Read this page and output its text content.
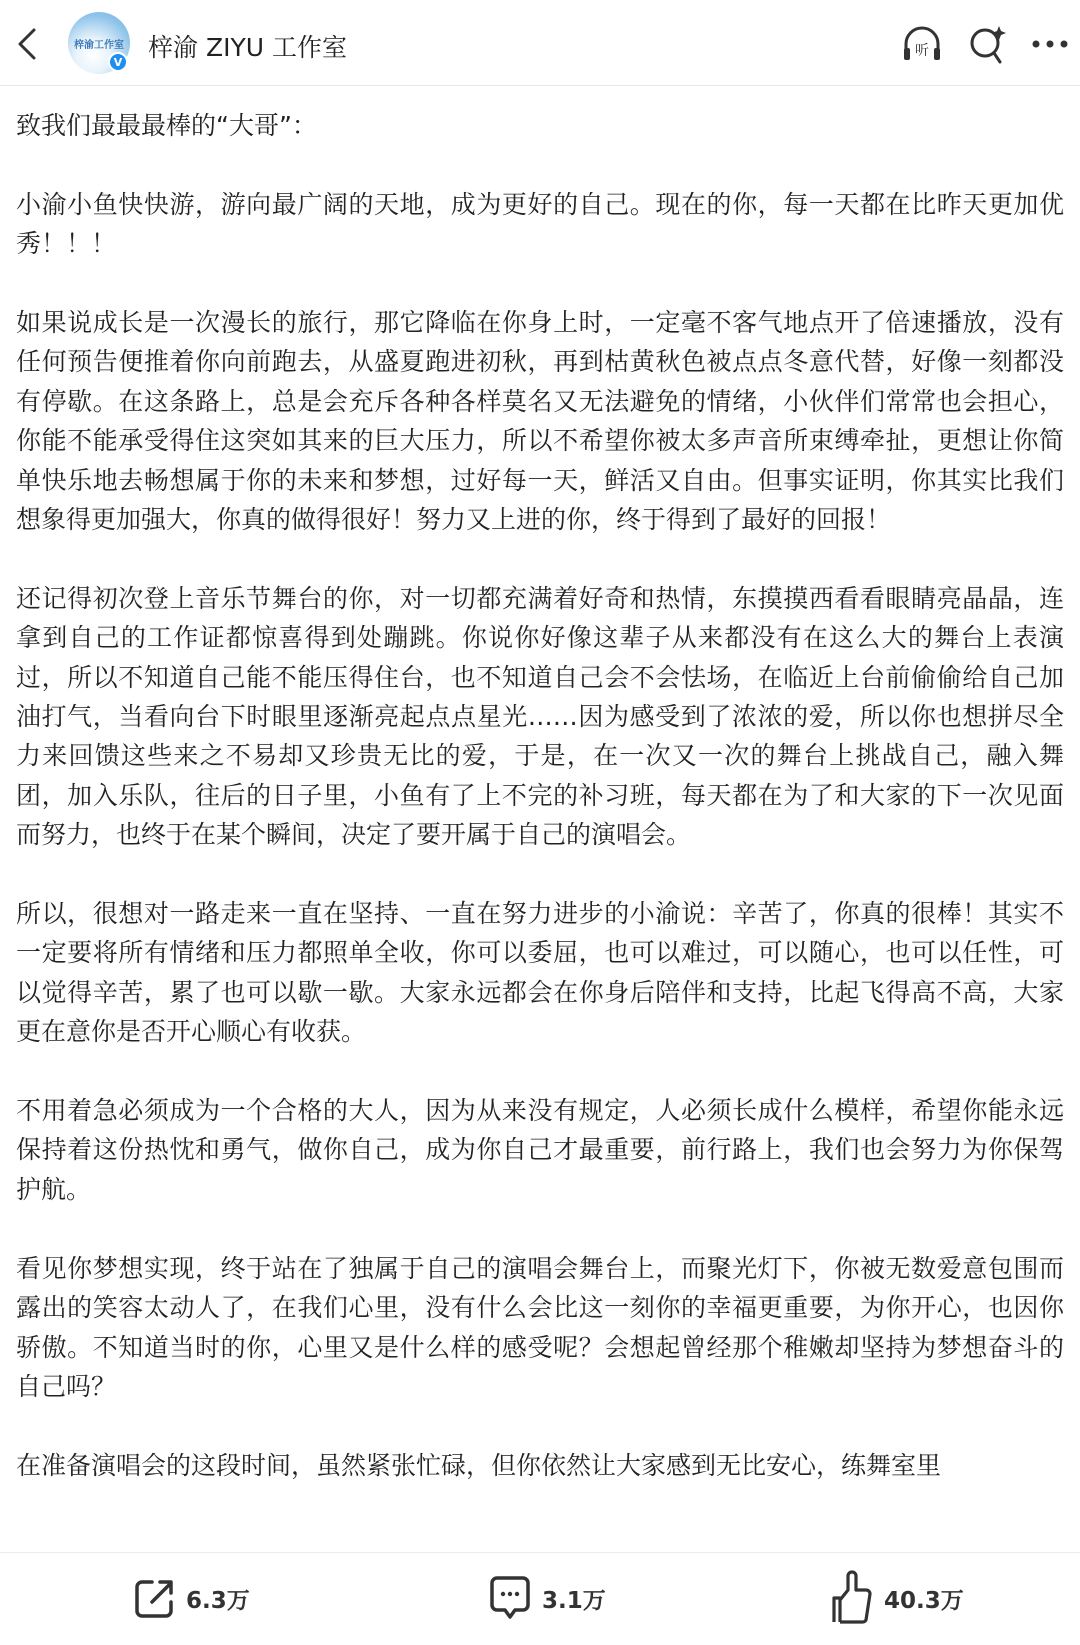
梓渝工作室
V 梓渝 ZIYU 工作室	听

致我们最最最棒的“大哥”：

小渝小鱼快快游，游向最广阔的天地，成为更好的自己。现在的你，每一天都在比昨天更加优秀！！！

如果说成长是一次漫长的旅行，那它降临在你身上时，一定毫不客气地点开了倍速播放，没有任何预告便推着你向前跑去，从盛夏跑进初秋，再到枯黄秋色被点点冬意代替，好像一刻都没有停歇。在这条路上，总是会充斥各种各样莫名又无法避免的情绪，小伙伴们常常也会担心，你能不能承受得住这突如其来的巨大压力，所以不希望你被太多声音所束缚牵扯，更想让你简单快乐地去畅想属于你的未来和梦想，过好每一天，鲜活又自由。但事实证明，你其实比我们想象得更加强大，你真的做得很好！努力又上进的你，终于得到了最好的回报！

还记得初次登上音乐节舞台的你，对一切都充满着好奇和热情，东摸摸西看看眼睛亮晶晶，连拿到自己的工作证都惊喜得到处蹦跳。你说你好像这辈子从来都没有在这么大的舞台上表演过，所以不知道自己能不能压得住台，也不知道自己会不会怯场，在临近上台前偷偷给自己加油打气，当看向台下时眼里逐渐亮起点点星光……因为感受到了浓浓的爱，所以你也想拼尽全力来回馈这些来之不易却又珍贵无比的爱，于是，在一次又一次的舞台上挑战自己，融入舞团，加入乐队，往后的日子里，小鱼有了上不完的补习班，每天都在为了和大家的下一次见面而努力，也终于在某个瞬间，决定了要开属于自己的演唱会。

所以，很想对一路走来一直在坚持、一直在努力进步的小渝说：辛苦了，你真的很棒！其实不一定要将所有情绪和压力都照单全收，你可以委屈，也可以难过，可以随心，也可以任性，可以觉得辛苦，累了也可以歇一歇。大家永远都会在你身后陪伴和支持，比起飞得高不高，大家更在意你是否开心顺心有收获。

不用着急必须成为一个合格的大人，因为从来没有规定，人必须长成什么模样，希望你能永远保持着这份热忱和勇气，做你自己，成为你自己才最重要，前行路上，我们也会努力为你保驾护航。

看见你梦想实现，终于站在了独属于自己的演唱会舞台上，而聚光灯下，你被无数爱意包围而露出的笑容太动人了，在我们心里，没有什么会比这一刻你的幸福更重要，为你开心，也因你骄傲。不知道当时的你，心里又是什么样的感受呢？会想起曾经那个稚嫩却坚持为梦想奋斗的自己吗？

在准备演唱会的这段时间，虽然紧张忙碌，但你依然让大家感到无比安心，练舞室里

6.3万	3.1万	40.3万
